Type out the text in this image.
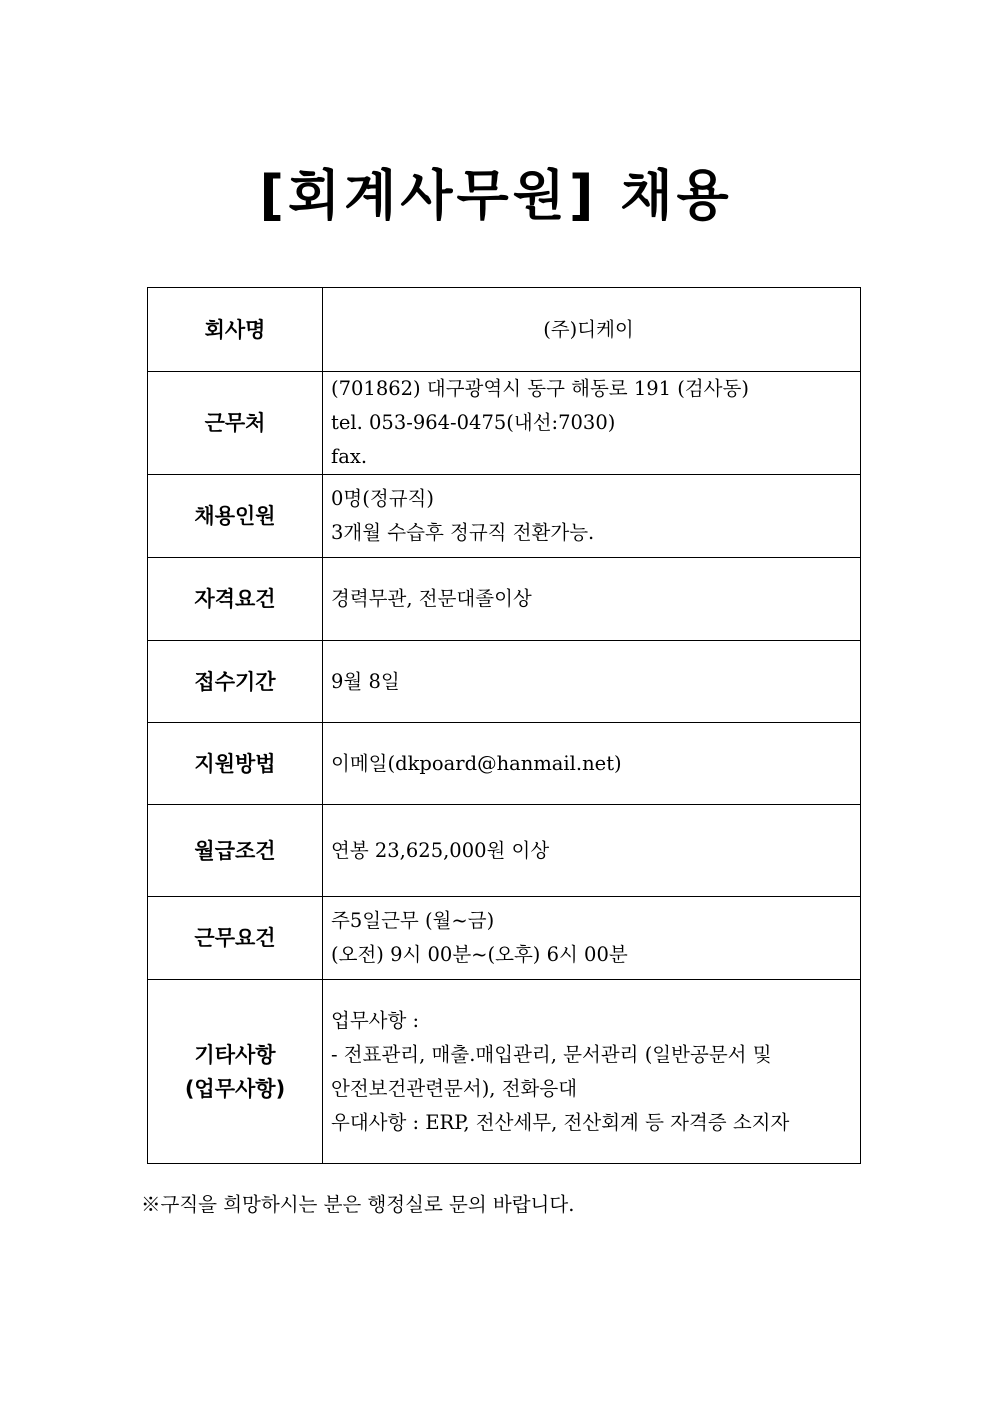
[회계사무원] 채용
회사명	(주)디케이
근무처	(701862) 대구광역시 동구 해동로 191 (검사동)
tel. 053-964-0475(내선:7030)
fax.

채용인원	0명(정규직)
3개월 수습후 정규직 전환가능.

자격요건	경력무관, 전문대졸이상
접수기간	9월 8일
지원방법	이메일(dkpoard@hanmail.net)
월급조건	연봉 23,625,000원 이상
근무요건	주5일근무 (월~금)
(오전) 9시 00분~(오후) 6시 00분

기타사항
(업무사항)	업무사항 :
- 전표관리, 매출.매입관리, 문서관리 (일반공문서 및 안전보건관련문서), 전화응대
우대사항 : ERP, 전산세무, 전산회계 등 자격증 소지자
※구직을 희망하시는 분은 행정실로 문의 바랍니다.
